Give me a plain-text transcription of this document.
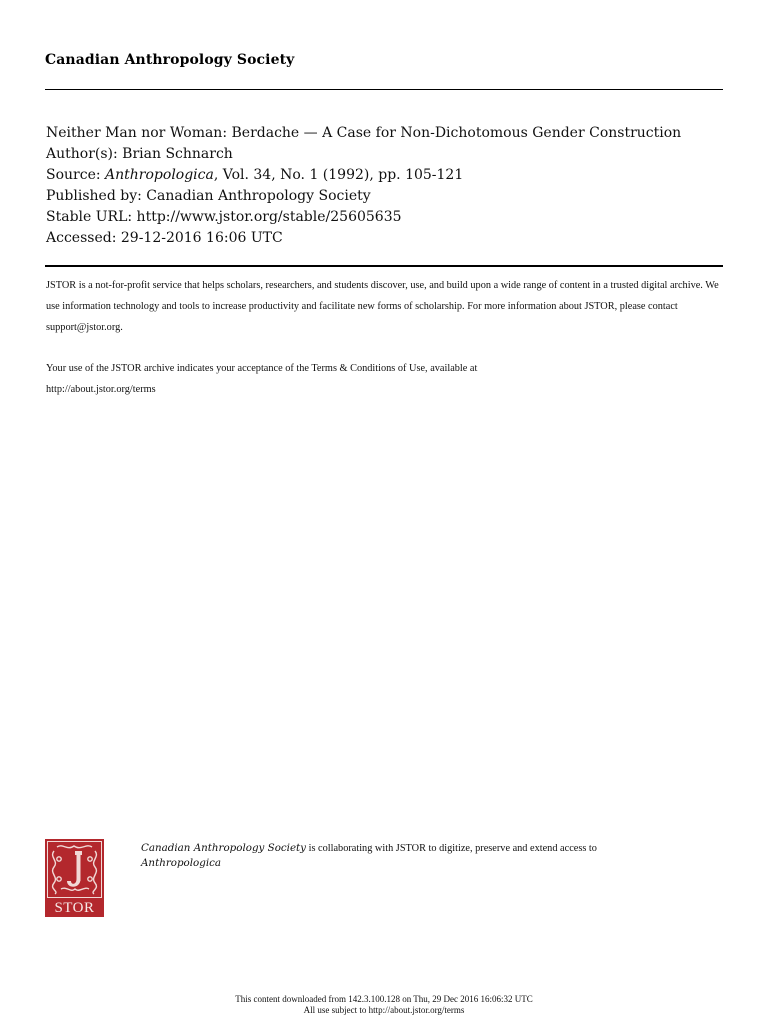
Canadian Anthropology Society
Neither Man nor Woman: Berdache — A Case for Non-Dichotomous Gender Construction
Author(s): Brian Schnarch
Source: Anthropologica, Vol. 34, No. 1 (1992), pp. 105-121
Published by: Canadian Anthropology Society
Stable URL: http://www.jstor.org/stable/25605635
Accessed: 29-12-2016 16:06 UTC

JSTOR is a not-for-profit service that helps scholars, researchers, and students discover, use, and build upon a wide range of content in a trusted digital archive. We use information technology and tools to increase productivity and facilitate new forms of scholarship. For more information about JSTOR, please contact support@jstor.org.

Your use of the JSTOR archive indicates your acceptance of the Terms & Conditions of Use, available at
http://about.jstor.org/terms

STOR
Canadian Anthropology Society is collaborating with JSTOR to digitize, preserve and extend access to
Anthropologica
This content downloaded from 142.3.100.128 on Thu, 29 Dec 2016 16:06:32 UTC
All use subject to http://about.jstor.org/terms
